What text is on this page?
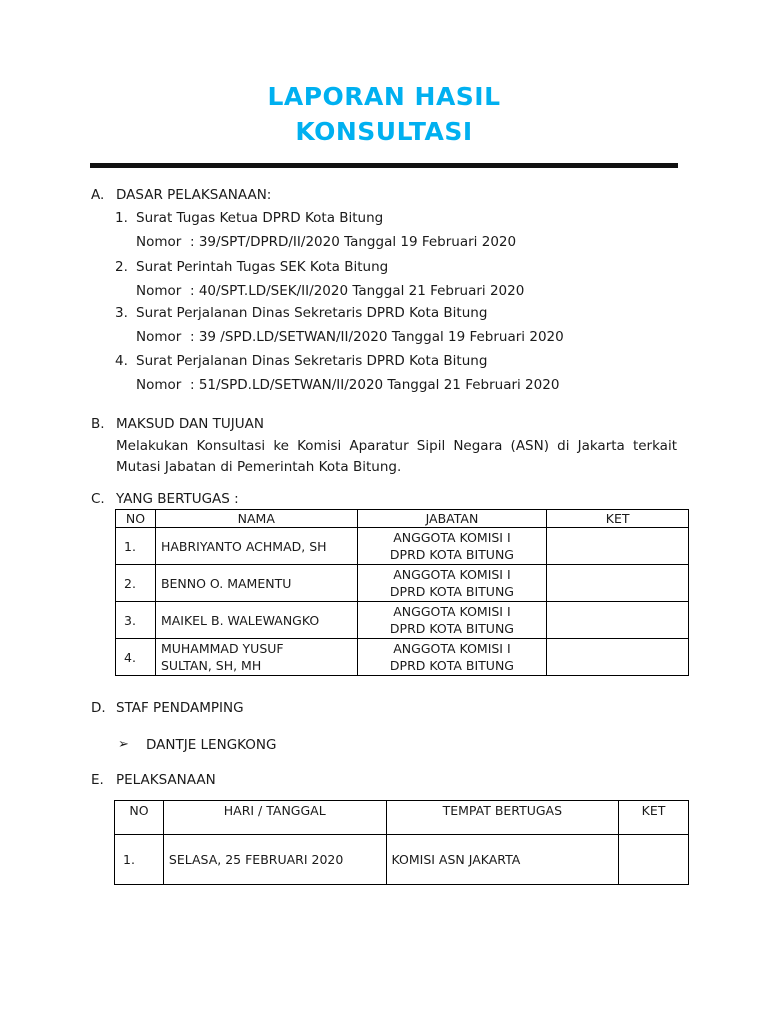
LAPORAN HASIL
KONSULTASI
A. DASAR PELAKSANAAN:
1. Surat Tugas Ketua DPRD Kota Bitung
Nomor : 39/SPT/DPRD/II/2020 Tanggal 19 Februari 2020
2. Surat Perintah Tugas SEK Kota Bitung
Nomor : 40/SPT.LD/SEK/II/2020 Tanggal 21 Februari 2020
3. Surat Perjalanan Dinas Sekretaris DPRD Kota Bitung
Nomor : 39 /SPD.LD/SETWAN/II/2020 Tanggal 19 Februari 2020
4. Surat Perjalanan Dinas Sekretaris DPRD Kota Bitung
Nomor : 51/SPD.LD/SETWAN/II/2020 Tanggal 21 Februari 2020
B. MAKSUD DAN TUJUAN
Melakukan Konsultasi ke Komisi Aparatur Sipil Negara (ASN) di Jakarta terkait Mutasi Jabatan di Pemerintah Kota Bitung.
C. YANG BERTUGAS :
NO	NAMA	JABATAN	KET
1.	HABRIYANTO ACHMAD, SH	ANGGOTA KOMISI I
DPRD KOTA BITUNG	
2.	BENNO O. MAMENTU	ANGGOTA KOMISI I
DPRD KOTA BITUNG	
3.	MAIKEL B. WALEWANGKO	ANGGOTA KOMISI I
DPRD KOTA BITUNG	
4.	MUHAMMAD YUSUF
SULTAN, SH, MH	ANGGOTA KOMISI I
DPRD KOTA BITUNG	
D. STAF PENDAMPING
➢ DANTJE LENGKONG
E. PELAKSANAAN
NO	HARI / TANGGAL	TEMPAT BERTUGAS	KET
1.	SELASA, 25 FEBRUARI 2020	KOMISI ASN JAKARTA	
